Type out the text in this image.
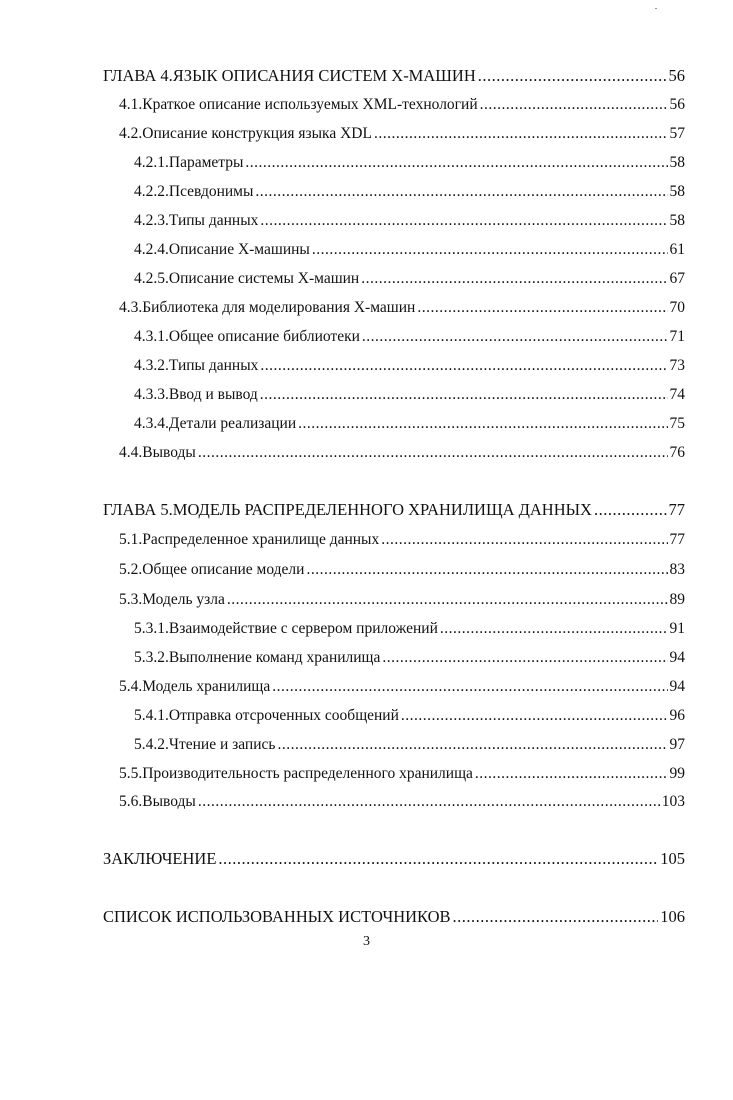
ГЛАВА 4. ЯЗЫК ОПИСАНИЯ СИСТЕМ X-МАШИН .....	56
4.1. Краткое описание используемых XML-технологий .....	56
4.2. Описание конструкция языка XDL .....	57
4.2.1. Параметры .....	58
4.2.2. Псевдонимы .....	58
4.2.3. Типы данных .....	58
4.2.4. Описание X-машины .....	61
4.2.5. Описание системы X-машин .....	67
4.3. Библиотека для моделирования X-машин .....	70
4.3.1. Общее описание библиотеки .....	71
4.3.2. Типы данных .....	73
4.3.3. Ввод и вывод .....	74
4.3.4. Детали реализации .....	75
4.4. Выводы .....	76
ГЛАВА 5. МОДЕЛЬ РАСПРЕДЕЛЕННОГО ХРАНИЛИЩА ДАННЫХ .....	77
5.1. Распределенное хранилище данных .....	77
5.2. Общее описание модели .....	83
5.3. Модель узла .....	89
5.3.1. Взаимодействие с сервером приложений .....	91
5.3.2. Выполнение команд хранилища .....	94
5.4. Модель хранилища .....	94
5.4.1. Отправка отсроченных сообщений .....	96
5.4.2. Чтение и запись .....	97
5.5. Производительность распределенного хранилища .....	99
5.6. Выводы .....	103
ЗАКЛЮЧЕНИЕ .....	105
СПИСОК ИСПОЛЬЗОВАННЫХ ИСТОЧНИКОВ .....	106
3
